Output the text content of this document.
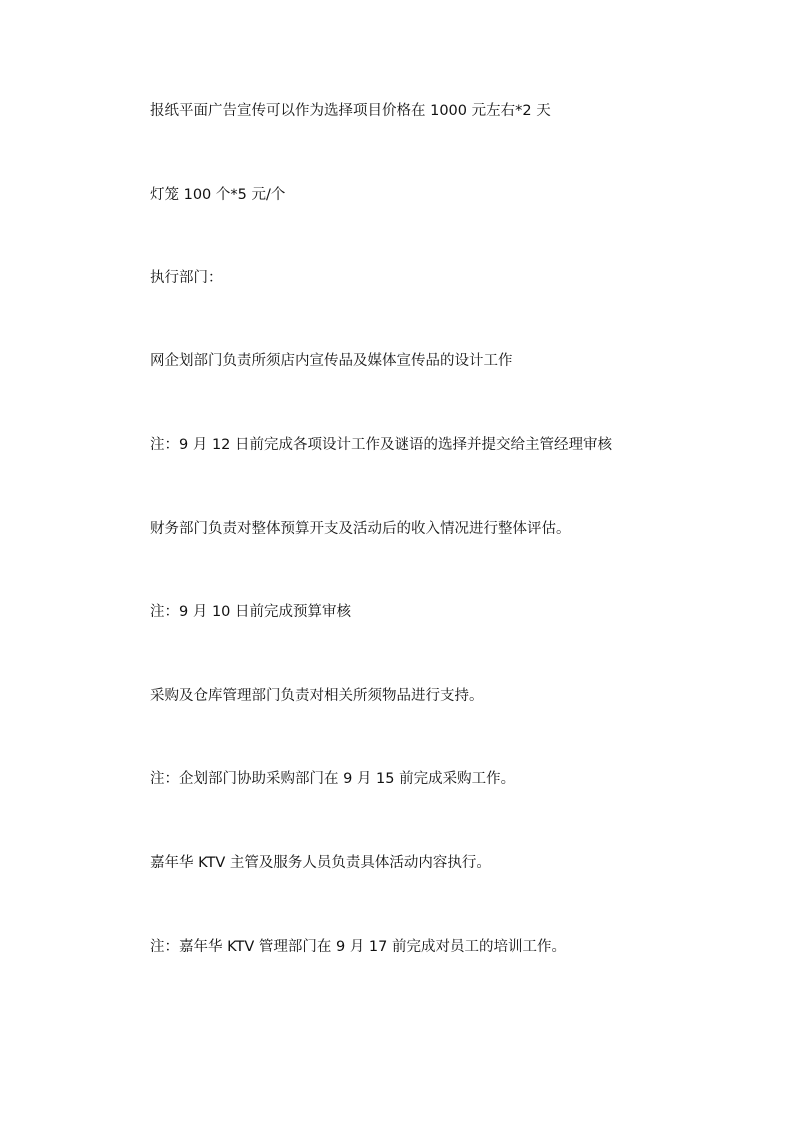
报纸平面广告宣传可以作为选择项目价格在 1000 元左右*2 天

灯笼 100 个*5 元/个

执行部门：

网企划部门负责所须店内宣传品及媒体宣传品的设计工作

注：9 月 12 日前完成各项设计工作及谜语的选择并提交给主管经理审核

财务部门负责对整体预算开支及活动后的收入情况进行整体评估。

注：9 月 10 日前完成预算审核

采购及仓库管理部门负责对相关所须物品进行支持。

注：企划部门协助采购部门在 9 月 15 前完成采购工作。

嘉年华 KTV 主管及服务人员负责具体活动内容执行。

注：嘉年华 KTV 管理部门在 9 月 17 前完成对员工的培训工作。
